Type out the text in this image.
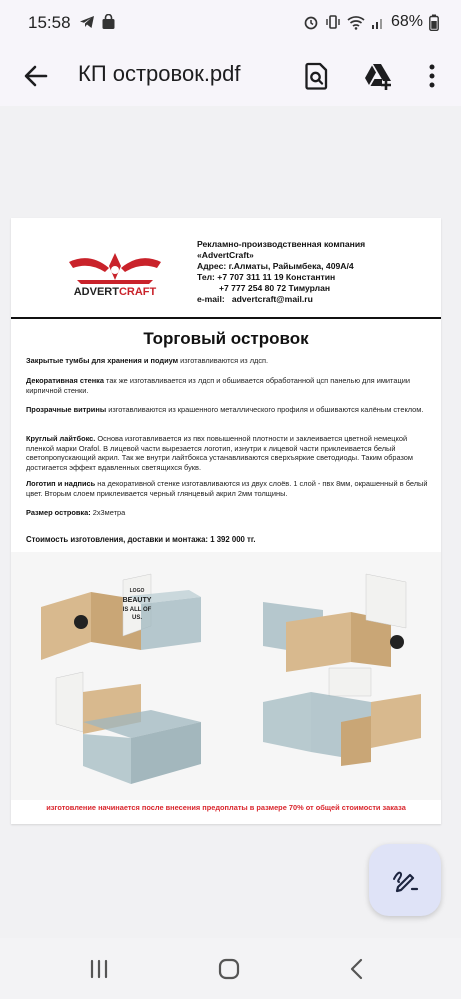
15:58	68%
КП островок.pdf
ADVERTCRAFT
Рекламно-производственная компания
«AdvertCraft»
Адрес: г.Алматы, Райымбека, 409А/4
Тел: +7 707 311 11 19 Константин
+7 777 254 80 72 Тимурлан
e-mail: advertcraft@mail.ru
Торговый островок
Закрытые тумбы для хранения и подиум изготавливаются из лдсп.
Декоративная стенка так же изготавливается из лдсп и обшивается обработанной цсп панелью для имитации кирпичной стенки.
Прозрачные витрины изготавливаются из крашенного металлического профиля и обшиваются калёным стеклом.
Круглый лайтбокс. Основа изготавливается из пвх повышенной плотности и заклеивается цветной немецкой пленкой марки Orafol. В лицевой части вырезается логотип, изнутри к лицевой части приклеивается белый светопропускающий акрил. Так же внутри лайтбокса устанавливаются сверхъяркие светодиоды. Таким образом достигается эффект вдавленных светящихся букв.
Логотип и надпись на декоративной стенке изготавливаются из двух слоёв. 1 слой - пвх 8мм, окрашенный в белый цвет. Вторым слоем приклеивается черный глянцевый акрил 2мм толщины.
Размер островка: 2х3метра
Стоимость изготовления, доставки и монтажа: 1 392 000 тг.
LOGO
BEAUTY
IS ALL OF
US.
изготовление начинается после внесения предоплаты в размере 70% от общей стоимости заказа
